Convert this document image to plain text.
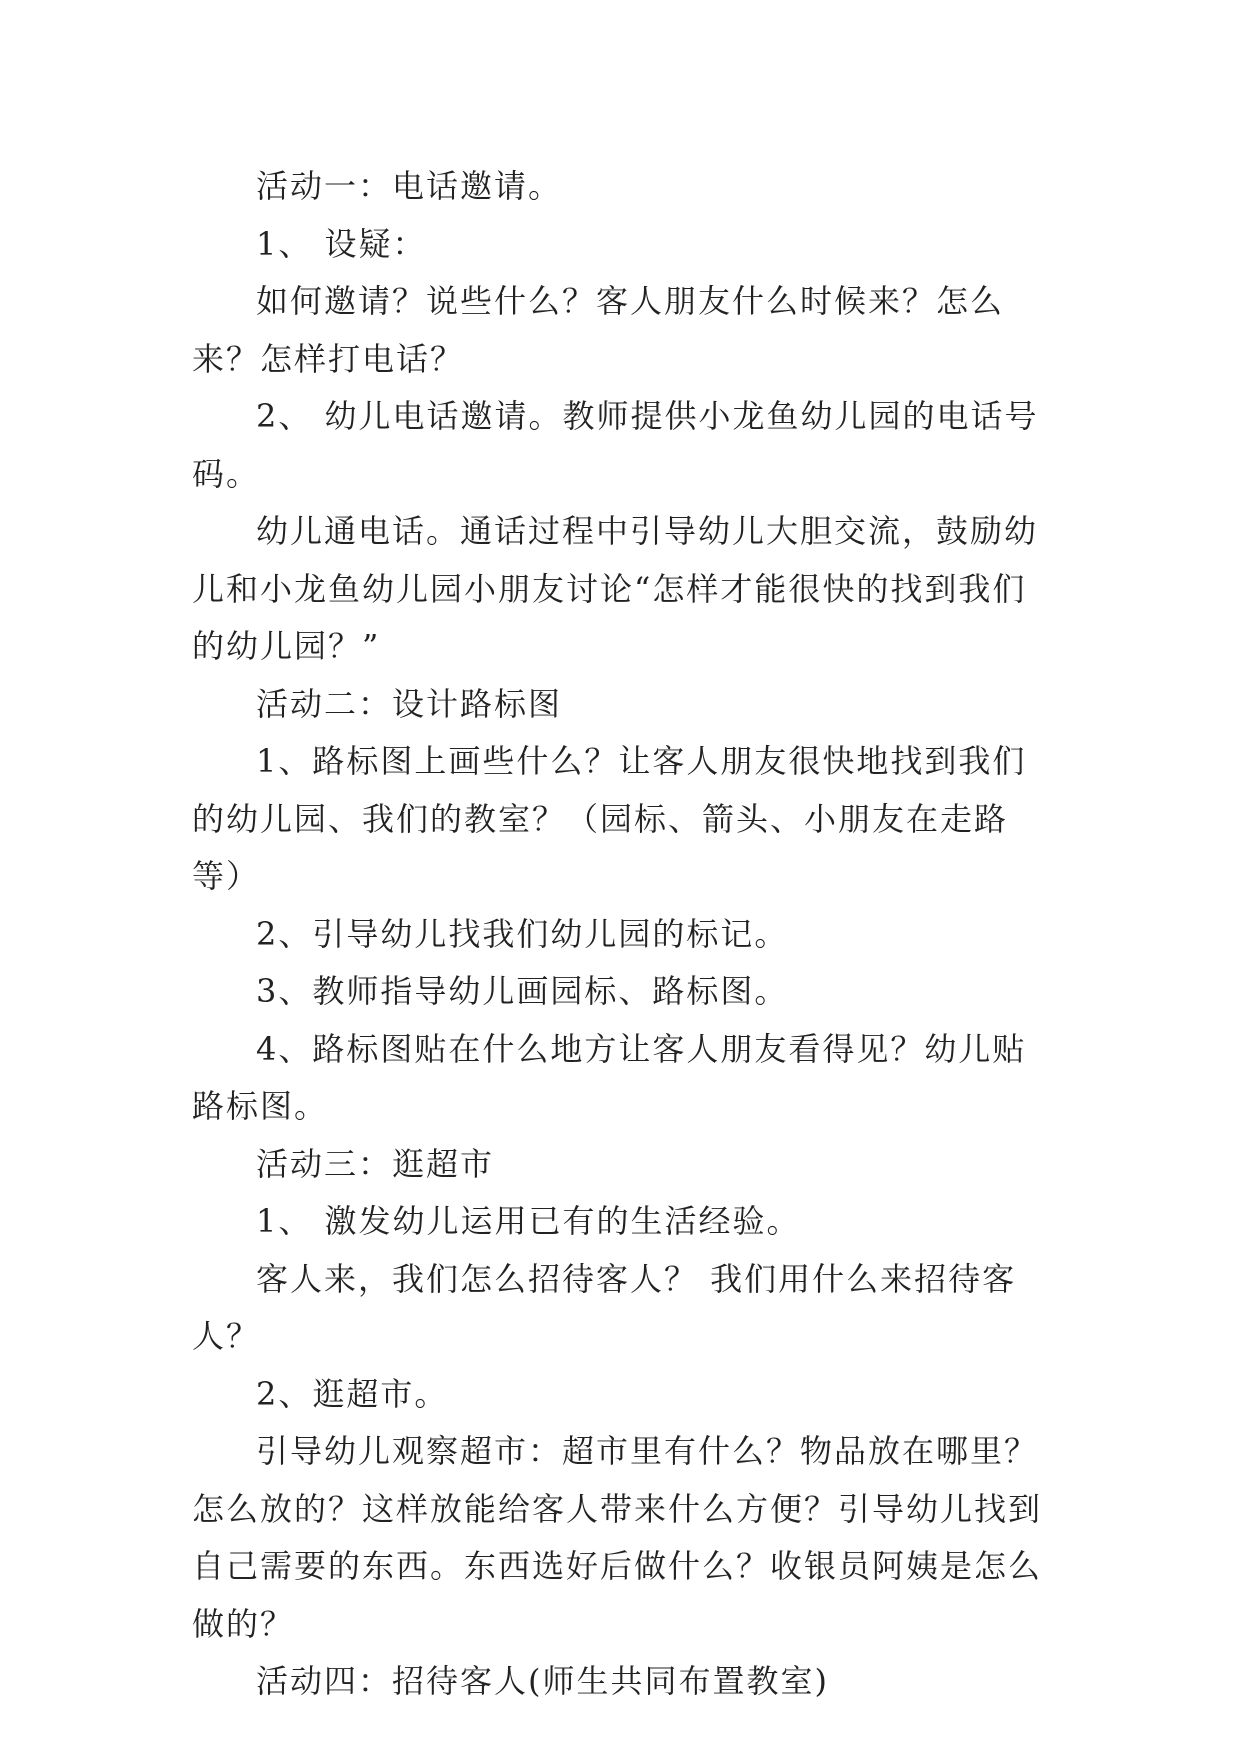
活动一：电话邀请。

1、 设疑：

如何邀请？说些什么？客人朋友什么时候来？怎么来？怎样打电话？

2、 幼儿电话邀请。教师提供小龙鱼幼儿园的电话号码。

幼儿通电话。通话过程中引导幼儿大胆交流，鼓励幼儿和小龙鱼幼儿园小朋友讨论“怎样才能很快的找到我们的幼儿园？”

活动二：设计路标图

1、路标图上画些什么？让客人朋友很快地找到我们的幼儿园、我们的教室？（园标、箭头、小朋友在走路等）

2、引导幼儿找我们幼儿园的标记。

3、教师指导幼儿画园标、路标图。

4、路标图贴在什么地方让客人朋友看得见？幼儿贴路标图。

活动三：逛超市

1、 激发幼儿运用已有的生活经验。

客人来，我们怎么招待客人？ 我们用什么来招待客人？

2、逛超市。

引导幼儿观察超市：超市里有什么？物品放在哪里？怎么放的？这样放能给客人带来什么方便？引导幼儿找到自己需要的东西。东西选好后做什么？收银员阿姨是怎么做的？

活动四：招待客人(师生共同布置教室)
